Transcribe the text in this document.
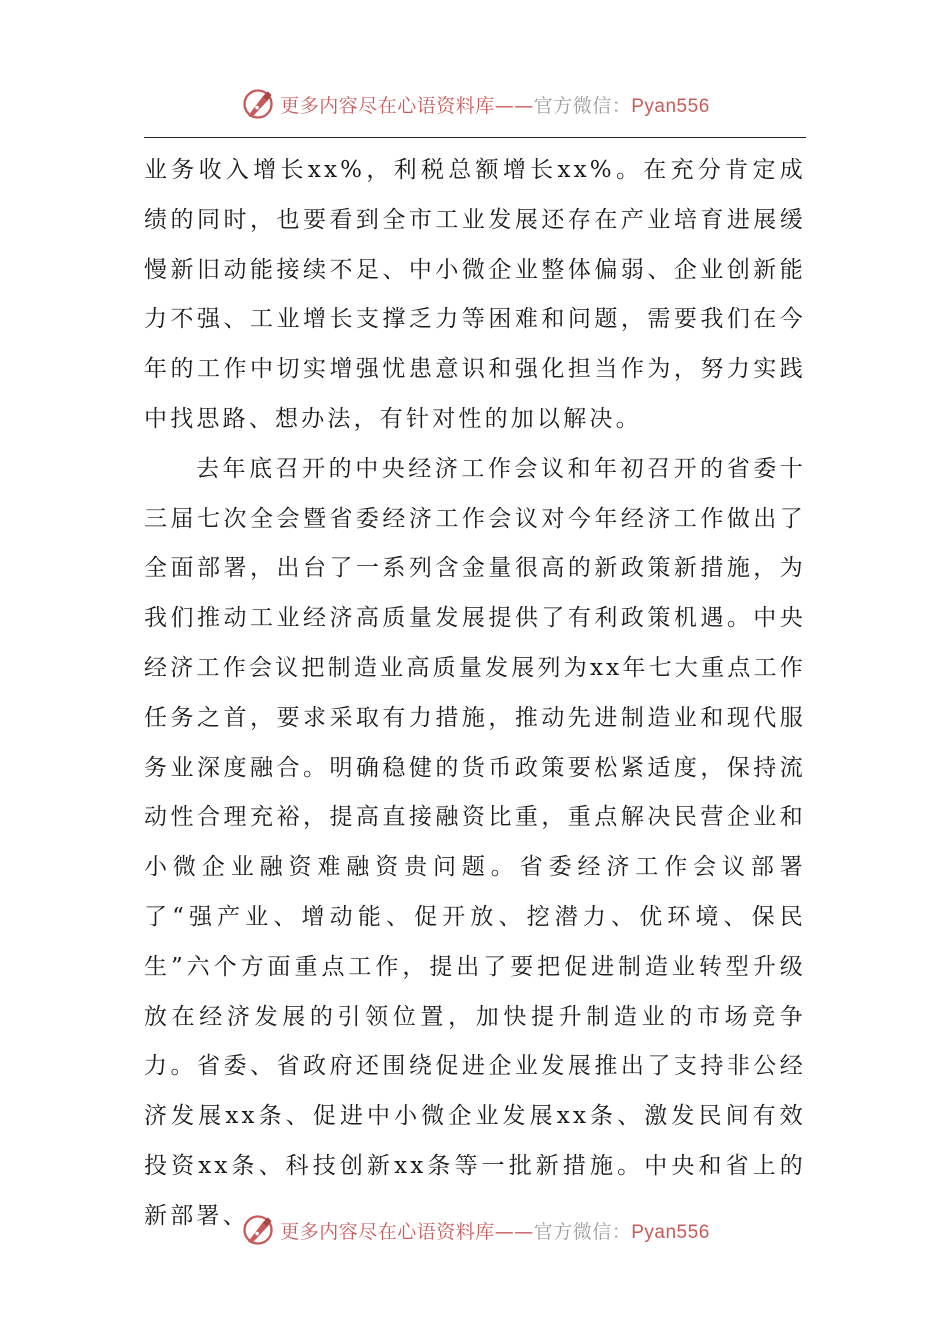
更多内容尽在心语资料库——官方微信：Pyan556

业务收入增长xx%，利税总额增长xx%。在充分肯定成绩的同时，也要看到全市工业发展还存在产业培育进展缓慢新旧动能接续不足、中小微企业整体偏弱、企业创新能力不强、工业增长支撑乏力等困难和问题，需要我们在今年的工作中切实增强忧患意识和强化担当作为，努力实践中找思路、想办法，有针对性的加以解决。

去年底召开的中央经济工作会议和年初召开的省委十三届七次全会暨省委经济工作会议对今年经济工作做出了全面部署，出台了一系列含金量很高的新政策新措施，为我们推动工业经济高质量发展提供了有利政策机遇。中央经济工作会议把制造业高质量发展列为xx年七大重点工作任务之首，要求采取有力措施，推动先进制造业和现代服务业深度融合。明确稳健的货币政策要松紧适度，保持流动性合理充裕，提高直接融资比重，重点解决民营企业和小微企业融资难融资贵问题。省委经济工作会议部署了“强产业、增动能、促开放、挖潜力、优环境、保民生”六个方面重点工作，提出了要把促进制造业转型升级放在经济发展的引领位置，加快提升制造业的市场竞争力。省委、省政府还围绕促进企业发展推出了支持非公经济发展xx条、促进中小微企业发展xx条、激发民间有效投资xx条、科技创新xx条等一批新措施。中央和省上的新部署、

更多内容尽在心语资料库——官方微信：Pyan556
